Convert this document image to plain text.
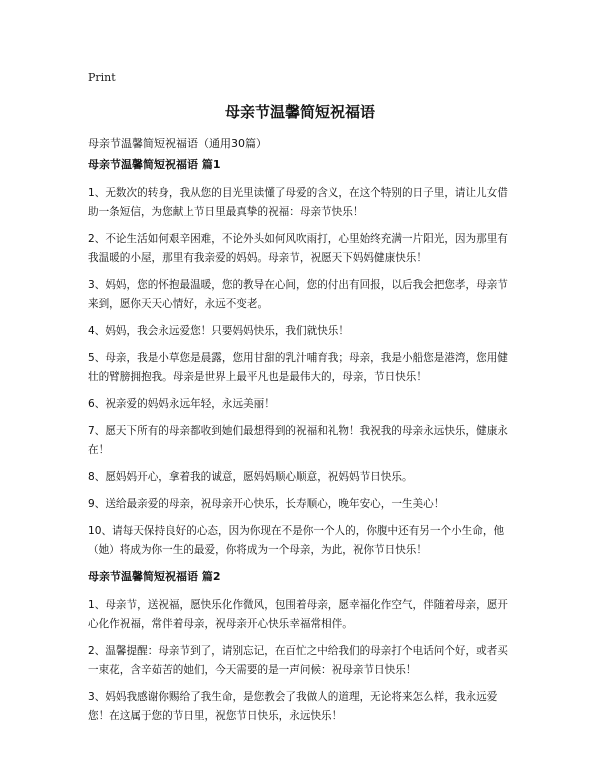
Print
母亲节温馨简短祝福语
母亲节温馨简短祝福语（通用30篇）
母亲节温馨简短祝福语 篇1

1、无数次的转身，我从您的目光里读懂了母爱的含义，在这个特别的日子里，请让儿女借助一条短信，为您献上节日里最真挚的祝福：母亲节快乐！

2、不论生活如何艰辛困难，不论外头如何风吹雨打，心里始终充满一片阳光，因为那里有我温暖的小屋，那里有我亲爱的妈妈。母亲节，祝愿天下妈妈健康快乐！

3、妈妈，您的怀抱最温暖，您的教导在心间，您的付出有回报，以后我会把您孝，母亲节来到，愿你天天心情好，永远不变老。

4、妈妈，我会永远爱您！只要妈妈快乐，我们就快乐！

5、母亲，我是小草您是晨露，您用甘甜的乳汁哺育我；母亲，我是小船您是港湾，您用健壮的臂膀拥抱我。母亲是世界上最平凡也是最伟大的，母亲，节日快乐！

6、祝亲爱的妈妈永远年轻，永远美丽！

7、愿天下所有的母亲都收到她们最想得到的祝福和礼物！我祝我的母亲永远快乐，健康永在！

8、愿妈妈开心，拿着我的诚意，愿妈妈顺心顺意，祝妈妈节日快乐。

9、送给最亲爱的母亲，祝母亲开心快乐，长寿顺心，晚年安心，一生美心！

10、请每天保持良好的心态，因为你现在不是你一个人的，你腹中还有另一个小生命，他（她）将成为你一生的最爱，你将成为一个母亲，为此，祝你节日快乐！

母亲节温馨简短祝福语 篇2

1、母亲节，送祝福，愿快乐化作微风，包围着母亲，愿幸福化作空气，伴随着母亲，愿开心化作祝福，常伴着母亲，祝母亲开心快乐幸福常相伴。

2、温馨提醒：母亲节到了，请别忘记，在百忙之中给我们的母亲打个电话问个好，或者买一束花，含辛茹苦的她们，今天需要的是一声问候：祝母亲节日快乐！

3、妈妈我感谢你赐给了我生命，是您教会了我做人的道理，无论将来怎么样，我永远爱您！在这属于您的节日里，祝您节日快乐，永远快乐！
